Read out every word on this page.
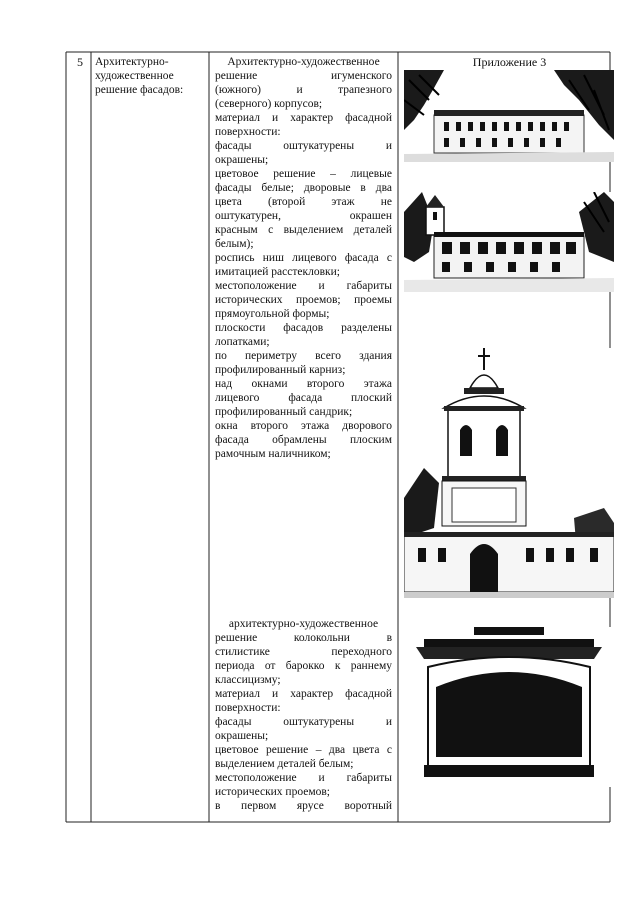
5	Архитектурно-
художественное
решение фасадов:
Архитектурно-художественное
решение игуменского
(южного) и трапезного
(северного) корпусов;
материал и характер фасадной
поверхности:
фасады оштукатурены и
окрашены;
цветовое решение – лицевые
фасады белые; дворовые в два
цвета (второй этаж не
оштукатурен, окрашен
красным с выделением деталей
белым);
роспись ниш лицевого фасада с
имитацией расстекловки;
местоположение и габариты
исторических проемов; проемы
прямоугольной формы;
плоскости фасадов разделены
лопатками;
по периметру всего здания
профилированный карниз;
над окнами второго этажа
лицевого фасада плоский
профилированный сандрик;
окна второго этажа дворового
фасада обрамлены плоским
рамочным наличником;
архитектурно-художественное
решение колокольни в
стилистике переходного
периода от барокко к раннему
классицизму;
материал и характер фасадной
поверхности:
фасады оштукатурены и
окрашены;
цветовое решение – два цвета с
выделением деталей белым;
местоположение и габариты
исторических проемов;
в первом ярусе воротный
Приложение 3
